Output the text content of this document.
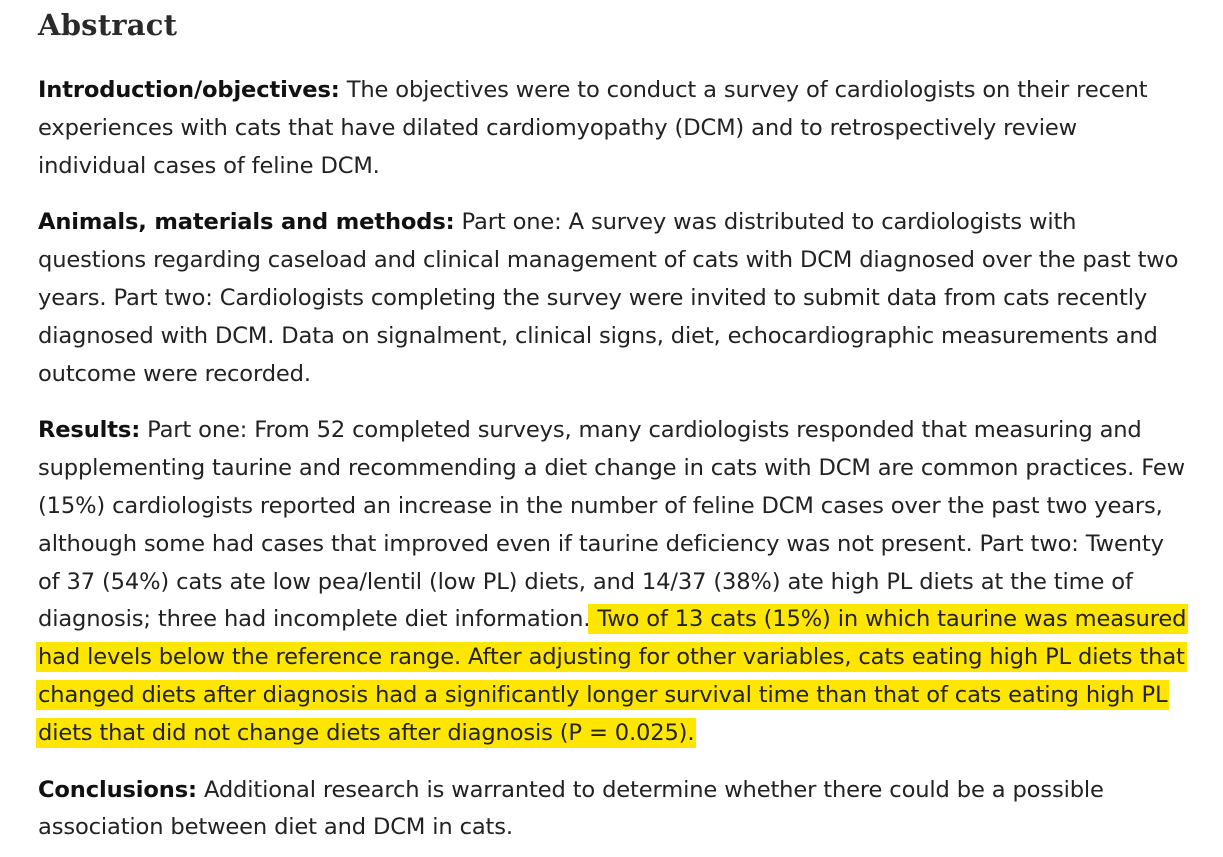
Abstract

Introduction/objectives: The objectives were to conduct a survey of cardiologists on their recent experiences with cats that have dilated cardiomyopathy (DCM) and to retrospectively review individual cases of feline DCM.

Animals, materials and methods: Part one: A survey was distributed to cardiologists with questions regarding caseload and clinical management of cats with DCM diagnosed over the past two years. Part two: Cardiologists completing the survey were invited to submit data from cats recently diagnosed with DCM. Data on signalment, clinical signs, diet, echocardiographic measurements and outcome were recorded.

Results: Part one: From 52 completed surveys, many cardiologists responded that measuring and supplementing taurine and recommending a diet change in cats with DCM are common practices. Few (15%) cardiologists reported an increase in the number of feline DCM cases over the past two years, although some had cases that improved even if taurine deficiency was not present. Part two: Twenty of 37 (54%) cats ate low pea/lentil (low PL) diets, and 14/37 (38%) ate high PL diets at the time of diagnosis; three had incomplete diet information. Two of 13 cats (15%) in which taurine was measured had levels below the reference range. After adjusting for other variables, cats eating high PL diets that changed diets after diagnosis had a significantly longer survival time than that of cats eating high PL diets that did not change diets after diagnosis (P = 0.025).

Conclusions: Additional research is warranted to determine whether there could be a possible association between diet and DCM in cats.
